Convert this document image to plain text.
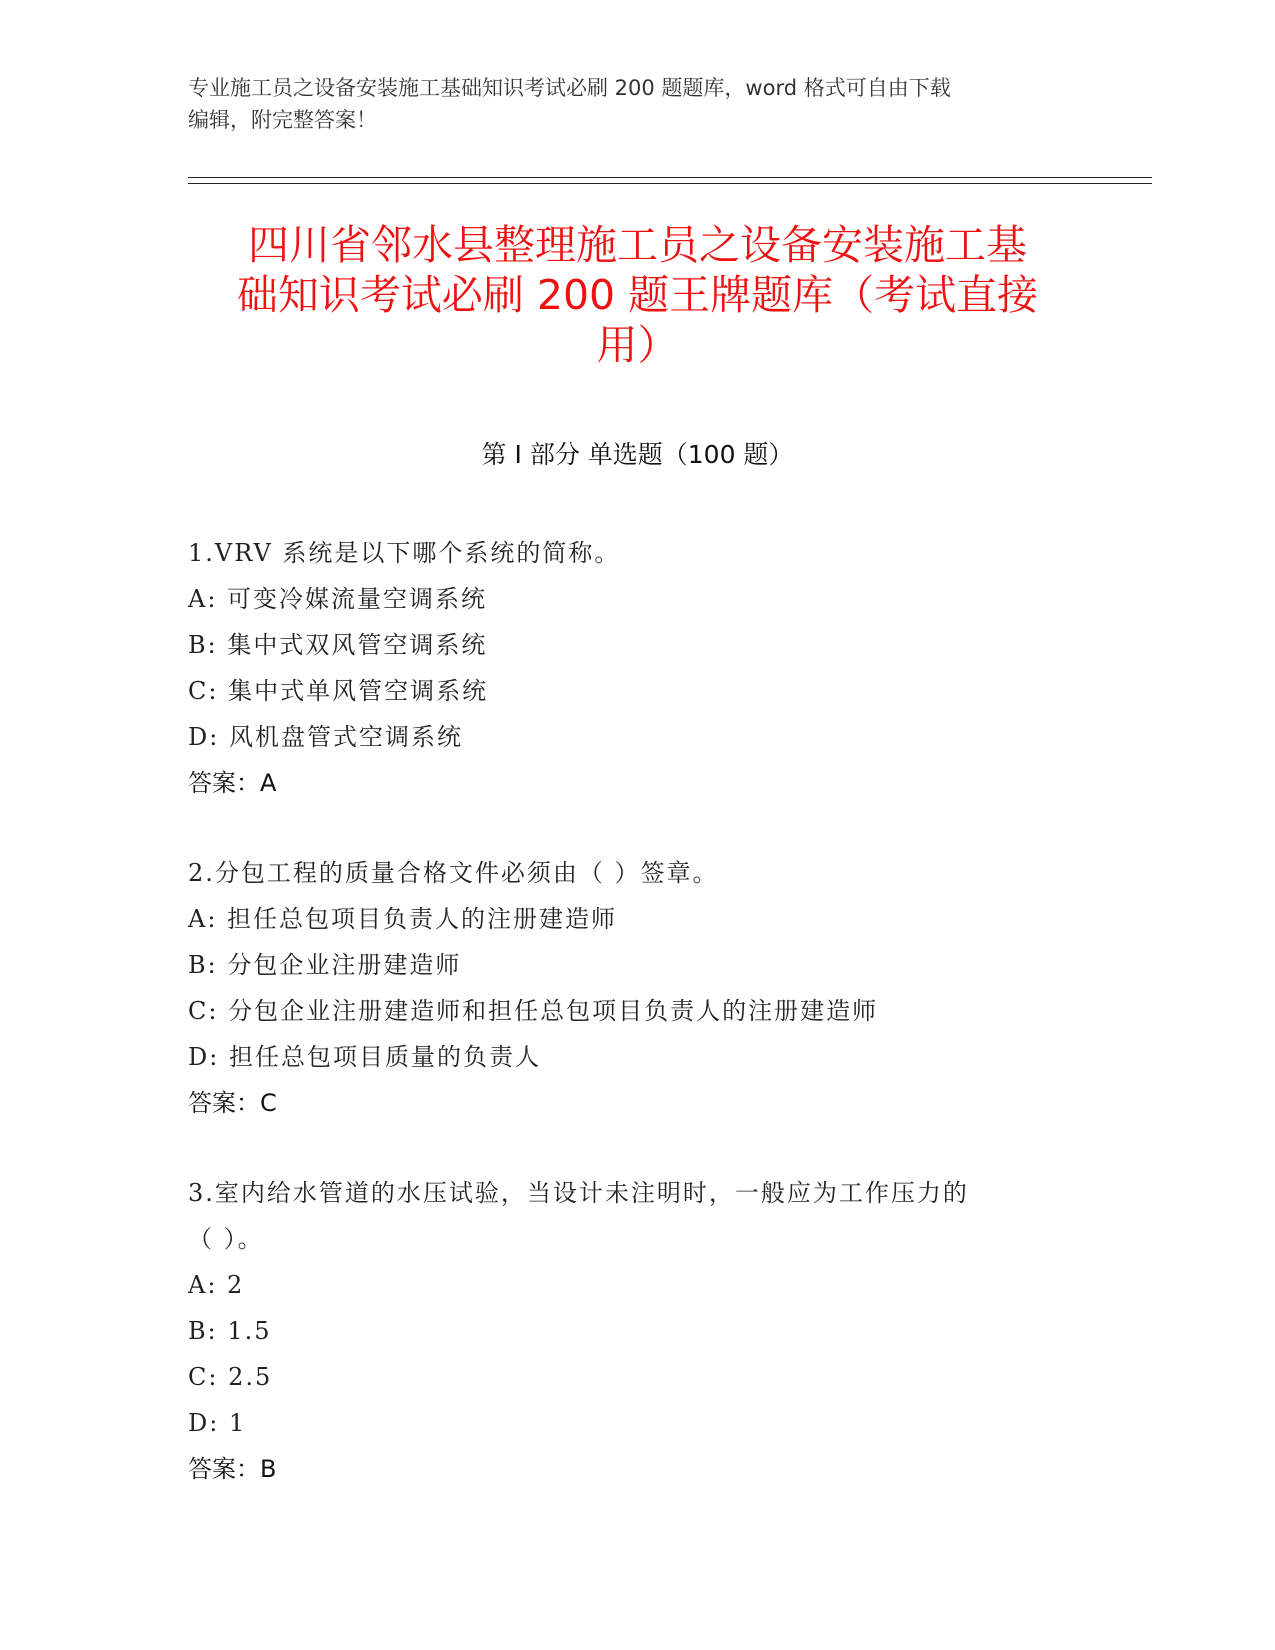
专业施工员之设备安装施工基础知识考试必刷 200 题题库，word 格式可自由下载
编辑，附完整答案！
四川省邻水县整理施工员之设备安装施工基
础知识考试必刷 200 题王牌题库（考试直接
用）
第 I 部分 单选题（100 题）
1.VRV 系统是以下哪个系统的简称。
A: 可变冷媒流量空调系统
B: 集中式双风管空调系统
C: 集中式单风管空调系统
D: 风机盘管式空调系统
答案：A
2.分包工程的质量合格文件必须由（ ）签章。
A: 担任总包项目负责人的注册建造师
B: 分包企业注册建造师
C: 分包企业注册建造师和担任总包项目负责人的注册建造师
D: 担任总包项目质量的负责人
答案：C
3.室内给水管道的水压试验，当设计未注明时，一般应为工作压力的
（ ）。
A: 2
B: 1.5
C: 2.5
D: 1
答案：B
